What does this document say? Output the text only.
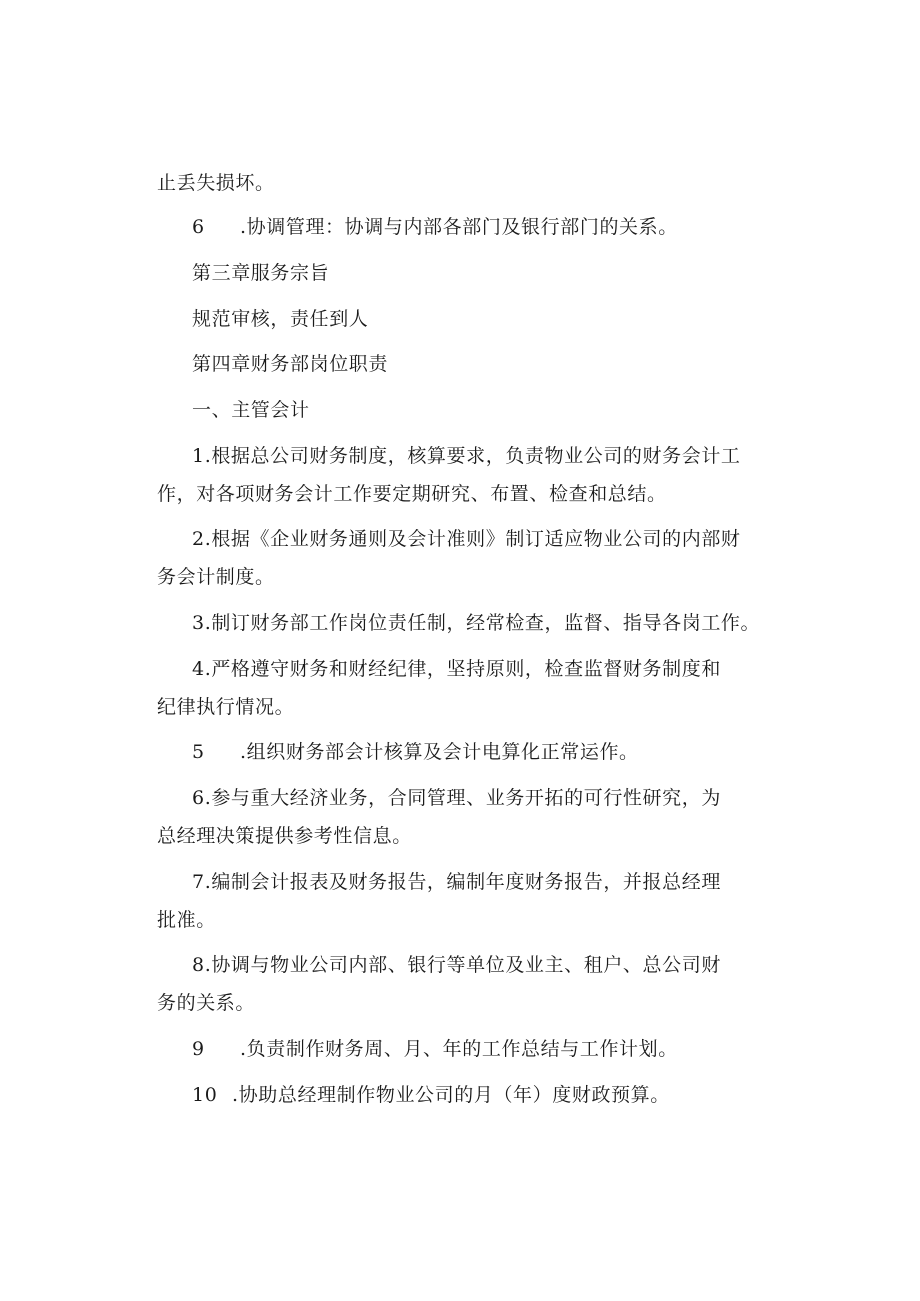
止丢失损坏。

6 .协调管理：协调与内部各部门及银行部门的关系。

第三章服务宗旨

规范审核，责任到人

第四章财务部岗位职责

一、主管会计

1.根据总公司财务制度，核算要求，负责物业公司的财务会计工

作，对各项财务会计工作要定期研究、布置、检查和总结。

2.根据《企业财务通则及会计准则》制订适应物业公司的内部财

务会计制度。

3.制订财务部工作岗位责任制，经常检查，监督、指导各岗工作。

4.严格遵守财务和财经纪律，坚持原则，检查监督财务制度和

纪律执行情况。

5 .组织财务部会计核算及会计电算化正常运作。

6.参与重大经济业务，合同管理、业务开拓的可行性研究，为

总经理决策提供参考性信息。

7.编制会计报表及财务报告，编制年度财务报告，并报总经理

批准。

8.协调与物业公司内部、银行等单位及业主、租户、总公司财

务的关系。

9 .负责制作财务周、月、年的工作总结与工作计划。

10 .协助总经理制作物业公司的月（年）度财政预算。
